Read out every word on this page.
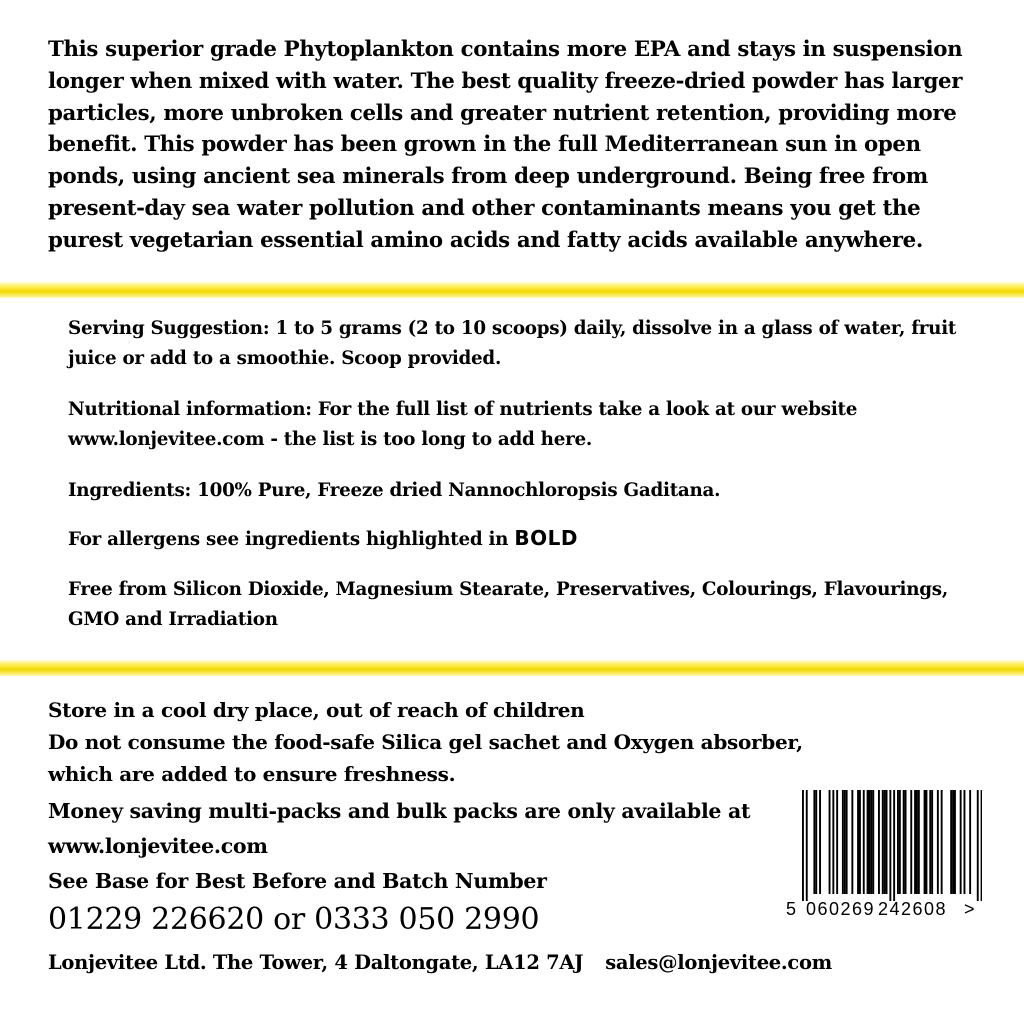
This superior grade Phytoplankton contains more EPA and stays in suspension longer when mixed with water. The best quality freeze-dried powder has larger particles, more unbroken cells and greater nutrient retention, providing more benefit. This powder has been grown in the full Mediterranean sun in open ponds, using ancient sea minerals from deep underground. Being free from present-day sea water pollution and other contaminants means you get the purest vegetarian essential amino acids and fatty acids available anywhere.

Serving Suggestion: 1 to 5 grams (2 to 10 scoops) daily, dissolve in a glass of water, fruit juice or add to a smoothie. Scoop provided.

Nutritional information: For the full list of nutrients take a look at our website www.lonjevitee.com - the list is too long to add here.

Ingredients: 100% Pure, Freeze dried Nannochloropsis Gaditana.

For allergens see ingredients highlighted in BOLD

Free from Silicon Dioxide, Magnesium Stearate, Preservatives, Colourings, Flavourings, GMO and Irradiation

Store in a cool dry place, out of reach of children
Do not consume the food-safe Silica gel sachet and Oxygen absorber, which are added to ensure freshness.
Money saving multi-packs and bulk packs are only available at www.lonjevitee.com
See Base for Best Before and Batch Number
01229 226620 or 0333 050 2990
Lonjevitee Ltd. The Tower, 4 Daltongate, LA12 7AJ sales@lonjevitee.com
5 060269 242608 >
